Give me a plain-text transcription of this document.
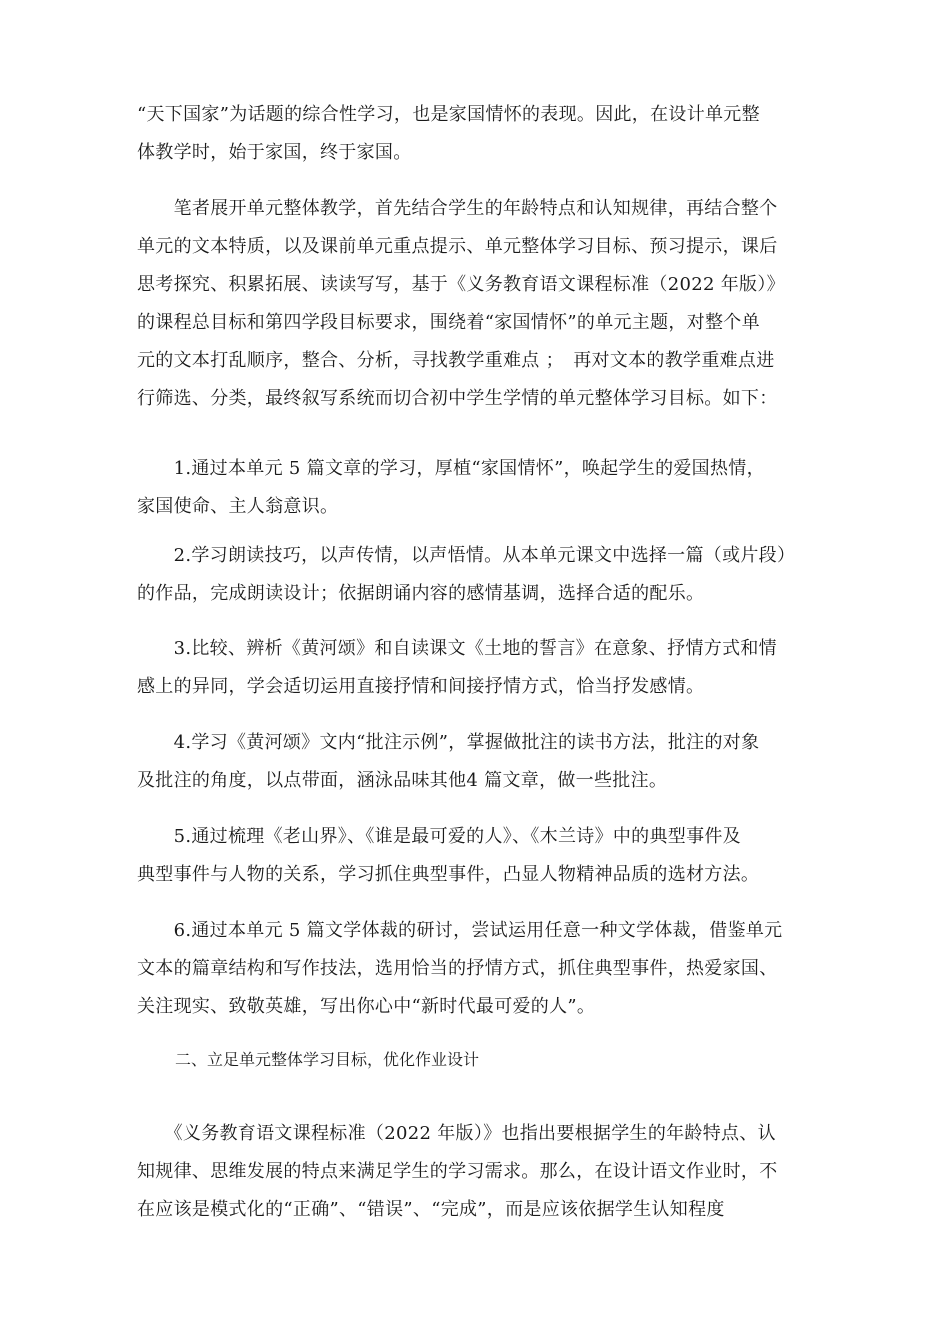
“天下国家”为话题的综合性学习，也是家国情怀的表现。因此，在设计单元整
体教学时，始于家国，终于家国。

　　笔者展开单元整体教学，首先结合学生的年龄特点和认知规律，再结合整个
单元的文本特质，以及课前单元重点提示、单元整体学习目标、预习提示，课后
思考探究、积累拓展、读读写写，基于《义务教育语文课程标准（2022 年版）》
的课程总目标和第四学段目标要求，围绕着“家国情怀”的单元主题，对整个单
元的文本打乱顺序，整合、分析，寻找教学重难点 ；　再对文本的教学重难点进
行筛选、分类，最终叙写系统而切合初中学生学情的单元整体学习目标。如下：

　　1.通过本单元 5 篇文章的学习，厚植“家国情怀”，唤起学生的爱国热情，
家国使命、主人翁意识。

　　2.学习朗读技巧，以声传情，以声悟情。从本单元课文中选择一篇（或片段）
的作品，完成朗读设计；依据朗诵内容的感情基调，选择合适的配乐。

　　3.比较、辨析《黄河颂》和自读课文《土地的誓言》在意象、抒情方式和情
感上的异同，学会适切运用直接抒情和间接抒情方式，恰当抒发感情。

　　4.学习《黄河颂》文内“批注示例”，掌握做批注的读书方法，批注的对象
及批注的角度，以点带面，涵泳品味其他4 篇文章，做一些批注。

　　5.通过梳理《老山界》、《谁是最可爱的人》、《木兰诗》中的典型事件及
典型事件与人物的关系，学习抓住典型事件，凸显人物精神品质的选材方法。

　　6.通过本单元 5 篇文学体裁的研讨，尝试运用任意一种文学体裁，借鉴单元
文本的篇章结构和写作技法，选用恰当的抒情方式，抓住典型事件，热爱家国、
关注现实、致敬英雄，写出你心中“新时代最可爱的人”。

二、立足单元整体学习目标，优化作业设计

　　《义务教育语文课程标准（2022 年版）》也指出要根据学生的年龄特点、认
知规律、思维发展的特点来满足学生的学习需求。那么，在设计语文作业时，不
在应该是模式化的“正确”、“错误”、“完成”，而是应该依据学生认知程度
